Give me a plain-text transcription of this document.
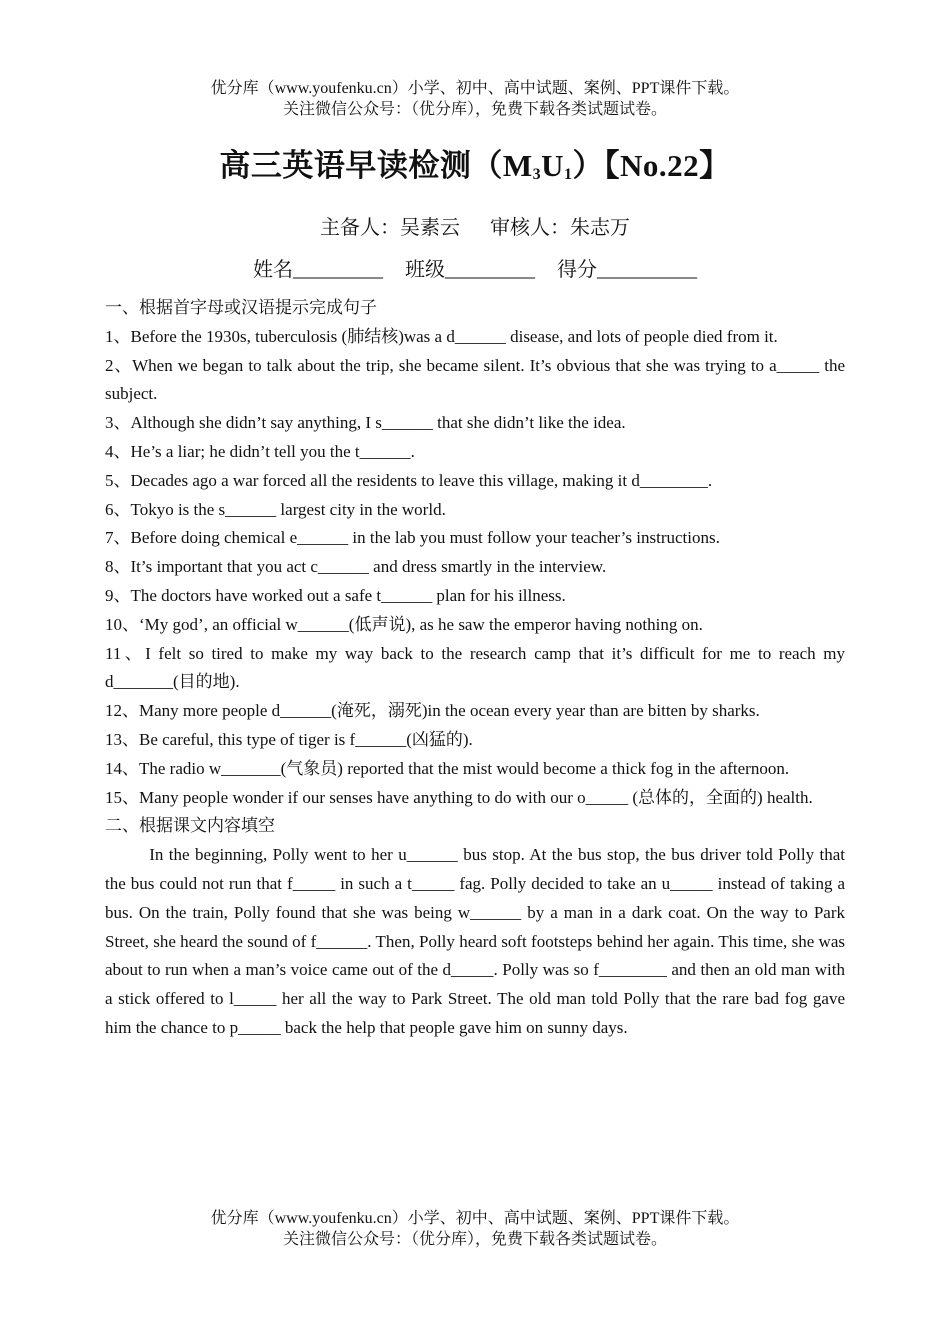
优分库（www.youfenku.cn）小学、初中、高中试题、案例、PPT课件下载。
关注微信公众号：（优分库），免费下载各类试题试卷。
高三英语早读检测$(M_3U_1)$【No.22】
主备人：吴素云 审核人：朱志万
姓名_________ 班级_________ 得分__________

一、根据首字母或汉语提示完成句子

1、Before the 1930s, tuberculosis (肺结核)was a d______ disease, and lots of people died from it.

2、When we began to talk about the trip, she became silent. It’s obvious that she was trying to a_____ the subject.

3、Although she didn’t say anything, I s______ that she didn’t like the idea.

4、He’s a liar; he didn’t tell you the t______.

5、Decades ago a war forced all the residents to leave this village, making it d________.

6、Tokyo is the s______ largest city in the world.

7、Before doing chemical e______ in the lab you must follow your teacher’s instructions.

8、It’s important that you act c______ and dress smartly in the interview.

9、The doctors have worked out a safe t______ plan for his illness.

10、‘My god’, an official w______(低声说), as he saw the emperor having nothing on.

11、I felt so tired to make my way back to the research camp that it’s difficult for me to reach my d_______(目的地).

12、Many more people d______(淹死，溺死)in the ocean every year than are bitten by sharks.

13、Be careful, this type of tiger is f______(凶猛的).

14、The radio w_______(气象员) reported that the mist would become a thick fog in the afternoon.

15、Many people wonder if our senses have anything to do with our o_____ (总体的，全面的) health.

二、根据课文内容填空

In the beginning, Polly went to her u______ bus stop. At the bus stop, the bus driver told Polly that the bus could not run that f_____ in such a t_____ fag. Polly decided to take an u_____ instead of taking a bus. On the train, Polly found that she was being w______ by a man in a dark coat. On the way to Park Street, she heard the sound of f______. Then, Polly heard soft footsteps behind her again. This time, she was about to run when a man’s voice came out of the d_____. Polly was so f________ and then an old man with a stick offered to l_____ her all the way to Park Street. The old man told Polly that the rare bad fog gave him the chance to p_____ back the help that people gave him on sunny days.

优分库（www.youfenku.cn）小学、初中、高中试题、案例、PPT课件下载。
关注微信公众号：（优分库），免费下载各类试题试卷。
